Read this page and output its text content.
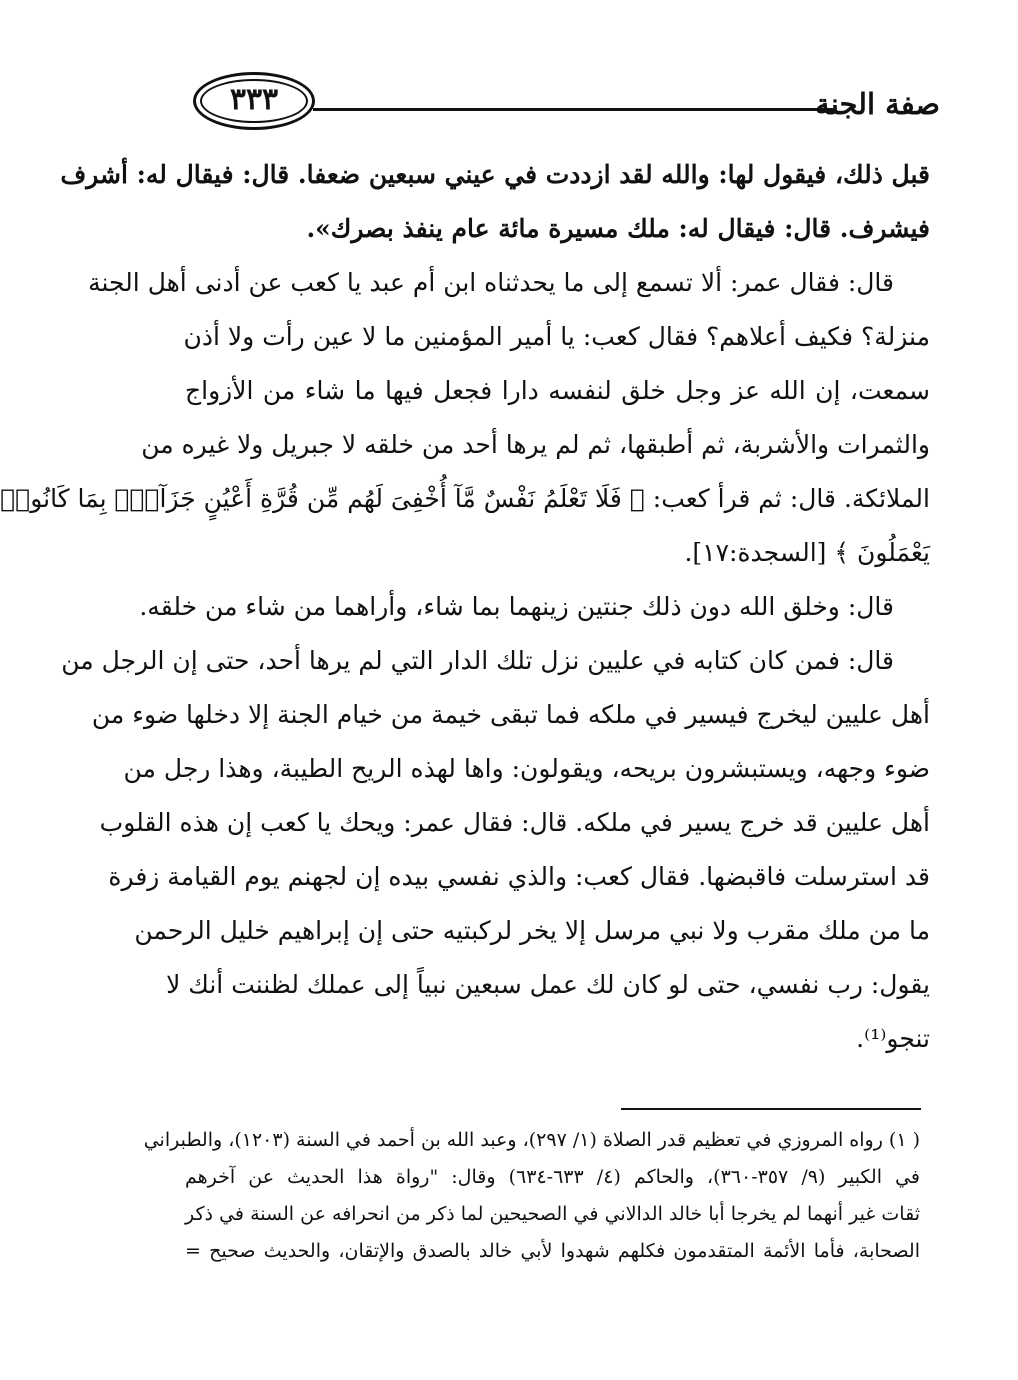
٣٣٣	صفة الجنة
قبل ذلك، فيقول لها: والله لقد ازددت في عيني سبعين ضعفا. قال: فيقال له: أشرف
فيشرف. قال: فيقال له: ملك مسيرة مائة عام ينفذ بصرك».
قال: فقال عمر: ألا تسمع إلى ما يحدثناه ابن أم عبد يا كعب عن أدنى أهل الجنة
منزلة؟ فكيف أعلاهم؟ فقال كعب: يا أمير المؤمنين ما لا عين رأت ولا أذن
سمعت، إن الله عز وجل خلق لنفسه دارا فجعل فيها ما شاء من الأزواج
والثمرات والأشربة، ثم أطبقها، ثم لم يرها أحد من خلقه لا جبريل ولا غيره من
الملائكة. قال: ثم قرأ كعب: ﴿ فَلَا تَعْلَمُ نَفْسٌ مَّآ أُخْفِىَ لَهُم مِّن قُرَّةِ أَعْيُنٍ جَزَآءًۢ بِمَا كَانُوا۟
يَعْمَلُونَ ﴾ [السجدة:١٧].
قال: وخلق الله دون ذلك جنتين زينهما بما شاء، وأراهما من شاء من خلقه.
قال: فمن كان كتابه في عليين نزل تلك الدار التي لم يرها أحد، حتى إن الرجل من
أهل عليين ليخرج فيسير في ملكه فما تبقى خيمة من خيام الجنة إلا دخلها ضوء من
ضوء وجهه، ويستبشرون بريحه، ويقولون: واها لهذه الريح الطيبة، وهذا رجل من
أهل عليين قد خرج يسير في ملكه. قال: فقال عمر: ويحك يا كعب إن هذه القلوب
قد استرسلت فاقبضها. فقال كعب: والذي نفسي بيده إن لجهنم يوم القيامة زفرة
ما من ملك مقرب ولا نبي مرسل إلا يخر لركبتيه حتى إن إبراهيم خليل الرحمن
يقول: رب نفسي، حتى لو كان لك عمل سبعين نبياً إلى عملك لظننت أنك لا
تنجو⁽¹⁾.
( ١) رواه المروزي في تعظيم قدر الصلاة (١/ ٢٩٧)، وعبد الله بن أحمد في السنة (١٢٠٣)، والطبراني
في الكبير (٩/ ٣٥٧-٣٦٠)، والحاكم (٤/ ٦٣٣-٦٣٤) وقال: "رواة هذا الحديث عن آخرهم
ثقات غير أنهما لم يخرجا أبا خالد الدالاني في الصحيحين لما ذكر من انحرافه عن السنة في ذكر
الصحابة، فأما الأئمة المتقدمون فكلهم شهدوا لأبي خالد بالصدق والإتقان، والحديث صحيح =
